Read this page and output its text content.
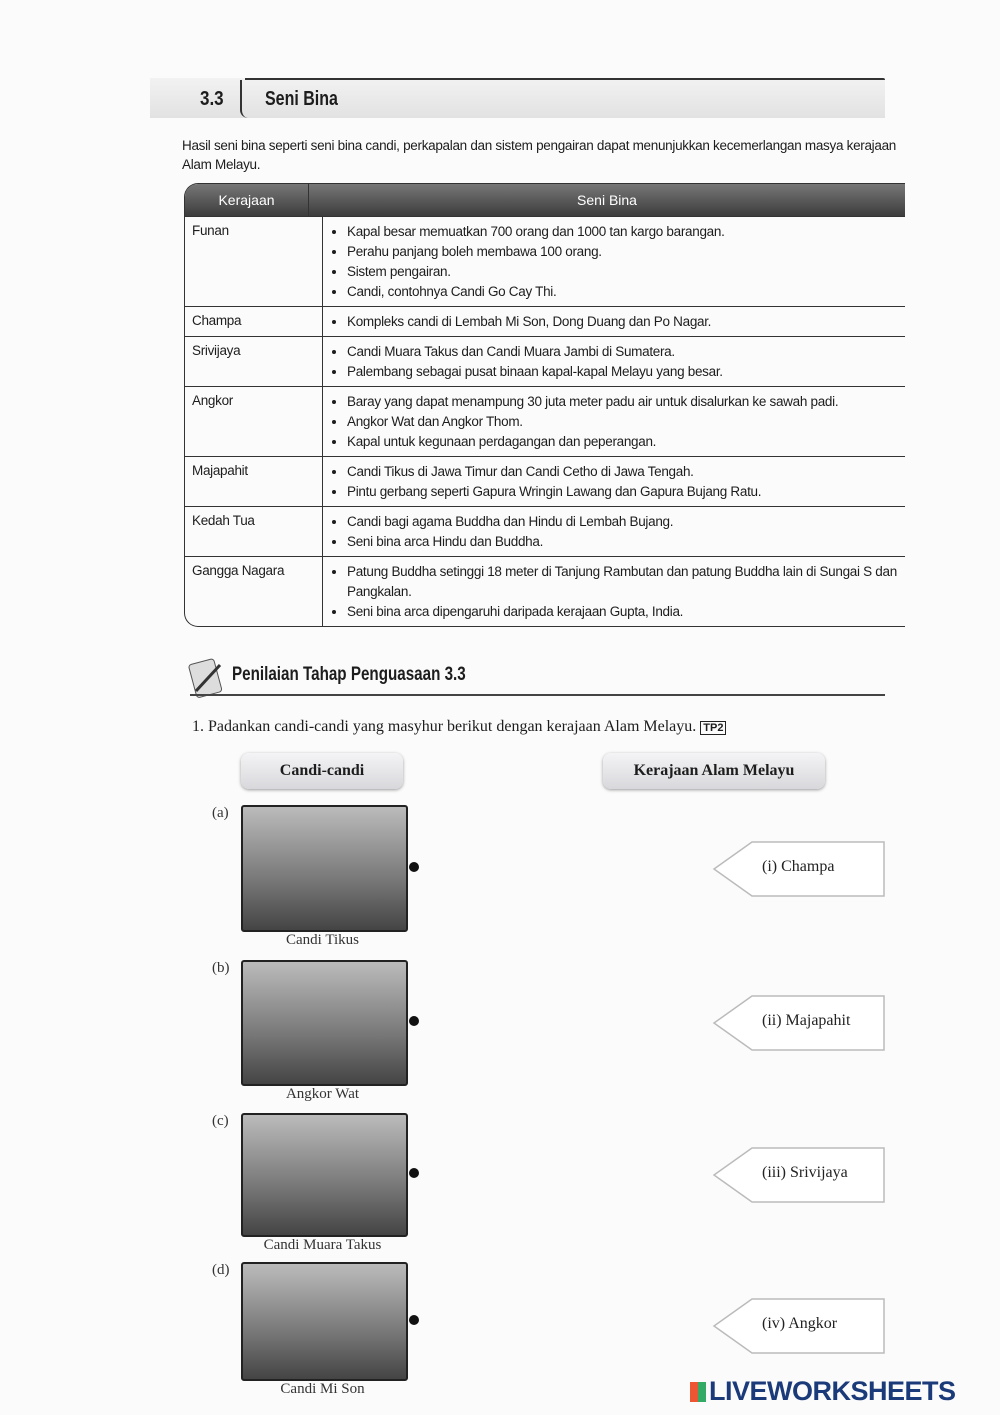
3.3 Seni Bina
Hasil seni bina seperti seni bina candi, perkapalan dan sistem pengairan dapat menunjukkan kecemerlangan masya kerajaan Alam Melayu.
Kerajaan	Seni Bina
Funan	• Kapal besar memuatkan 700 orang dan 1000 tan kargo barangan.
• Perahu panjang boleh membawa 100 orang.
• Sistem pengairan.
• Candi, contohnya Candi Go Cay Thi.
Champa	• Kompleks candi di Lembah Mi Son, Dong Duang dan Po Nagar.
Srivijaya	• Candi Muara Takus dan Candi Muara Jambi di Sumatera.
• Palembang sebagai pusat binaan kapal-kapal Melayu yang besar.
Angkor	• Baray yang dapat menampung 30 juta meter padu air untuk disalurkan ke sawah padi.
• Angkor Wat dan Angkor Thom.
• Kapal untuk kegunaan perdagangan dan peperangan.
Majapahit	• Candi Tikus di Jawa Timur dan Candi Cetho di Jawa Tengah.
• Pintu gerbang seperti Gapura Wringin Lawang dan Gapura Bujang Ratu.
Kedah Tua	• Candi bagi agama Buddha dan Hindu di Lembah Bujang.
• Seni bina arca Hindu dan Buddha.
Gangga Nagara	• Patung Buddha setinggi 18 meter di Tanjung Rambutan dan patung Buddha lain di Sungai S dan Pangkalan.
• Seni bina arca dipengaruhi daripada kerajaan Gupta, India.
Penilaian Tahap Penguasaan 3.3
1. Padankan candi-candi yang masyhur berikut dengan kerajaan Alam Melayu. TP2
Candi-candi	Kerajaan Alam Melayu
(a)
Candi Tikus
(b)
Angkor Wat
(c)
Candi Muara Takus
(d)
Candi Mi Son
(i) Champa
(ii) Majapahit
(iii) Srivijaya
(iv) Angkor
LIVEWORKSHEETS
